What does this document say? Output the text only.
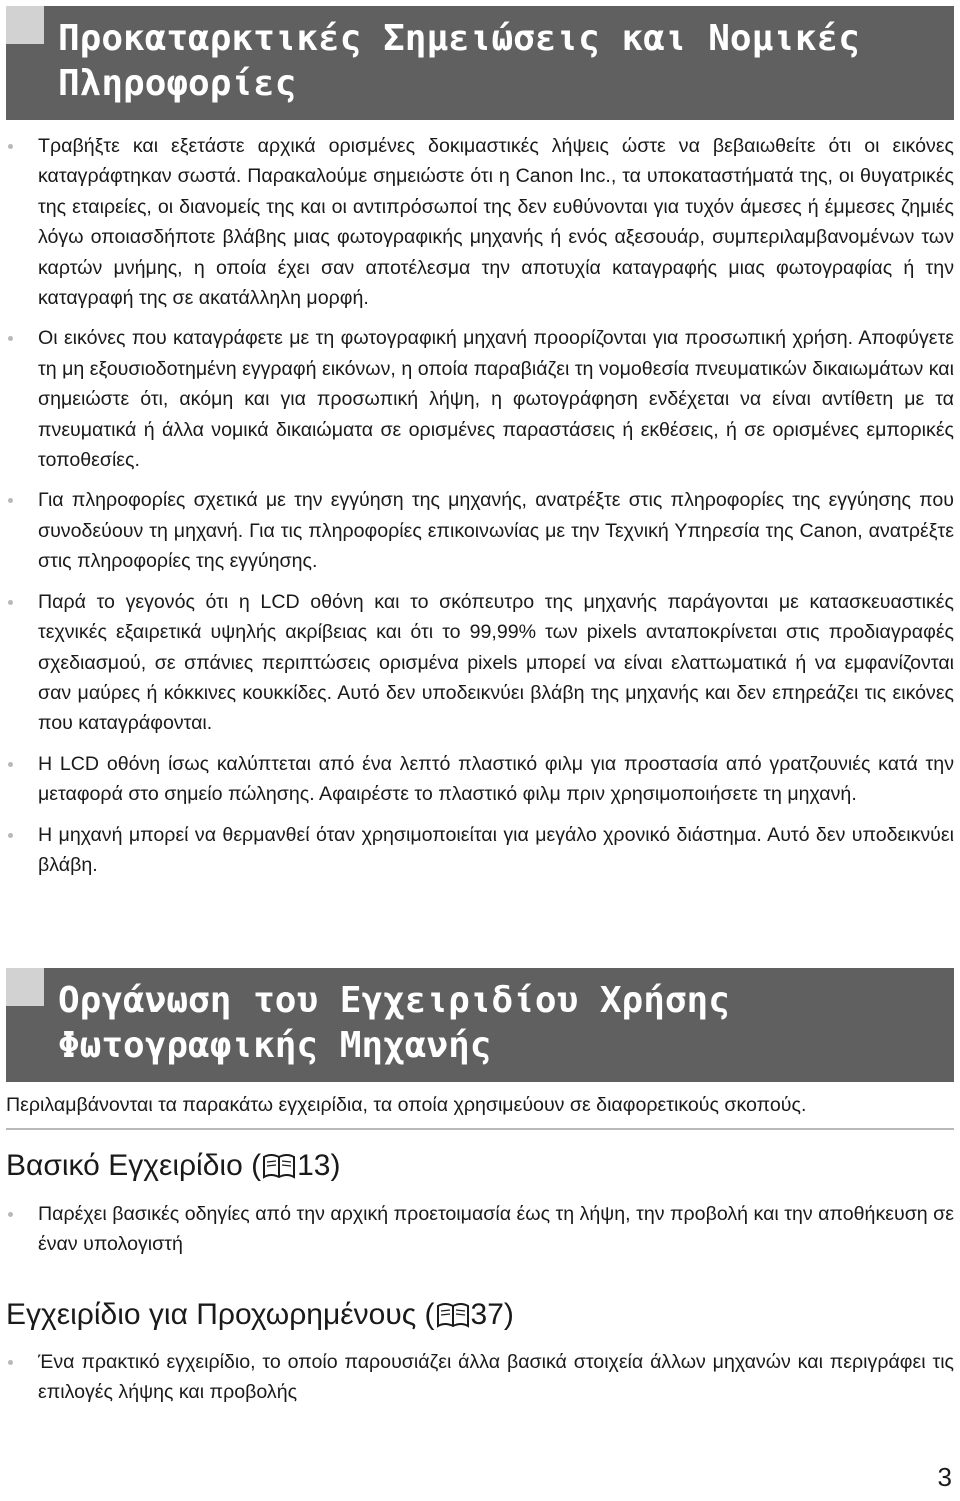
Προκαταρκτικές Σημειώσεις και Νομικές
Πληροφορίες
Τραβήξτε και εξετάστε αρχικά ορισμένες δοκιμαστικές λήψεις ώστε να βεβαιωθείτε ότι οι εικόνες καταγράφτηκαν σωστά. Παρακαλούμε σημειώστε ότι η Canon Inc., τα υποκαταστήματά της, οι θυγατρικές της εταιρείες, οι διανομείς της και οι αντιπρόσωποί της δεν ευθύνονται για τυχόν άμεσες ή έμμεσες ζημιές λόγω οποιασδήποτε βλάβης μιας φωτογραφικής μηχανής ή ενός αξεσουάρ, συμπεριλαμβανομένων των καρτών μνήμης, η οποία έχει σαν αποτέλεσμα την αποτυχία καταγραφής μιας φωτογραφίας ή την καταγραφή της σε ακατάλληλη μορφή.
Οι εικόνες που καταγράφετε με τη φωτογραφική μηχανή προορίζονται για προσωπική χρήση. Αποφύγετε τη μη εξουσιοδοτημένη εγγραφή εικόνων, η οποία παραβιάζει τη νομοθεσία πνευματικών δικαιωμάτων και σημειώστε ότι, ακόμη και για προσωπική λήψη, η φωτογράφηση ενδέχεται να είναι αντίθετη με τα πνευματικά ή άλλα νομικά δικαιώματα σε ορισμένες παραστάσεις ή εκθέσεις, ή σε ορισμένες εμπορικές τοποθεσίες.
Για πληροφορίες σχετικά με την εγγύηση της μηχανής, ανατρέξτε στις πληροφορίες της εγγύησης που συνοδεύουν τη μηχανή. Για τις πληροφορίες επικοινωνίας με την Τεχνική Υπηρεσία της Canon, ανατρέξτε στις πληροφορίες της εγγύησης.
Παρά το γεγονός ότι η LCD οθόνη και το σκόπευτρο της μηχανής παράγονται με κατασκευαστικές τεχνικές εξαιρετικά υψηλής ακρίβειας και ότι το 99,99% των pixels ανταποκρίνεται στις προδιαγραφές σχεδιασμού, σε σπάνιες περιπτώσεις ορισμένα pixels μπορεί να είναι ελαττωματικά ή να εμφανίζονται σαν μαύρες ή κόκκινες κουκκίδες. Αυτό δεν υποδεικνύει βλάβη της μηχανής και δεν επηρεάζει τις εικόνες που καταγράφονται.
Η LCD οθόνη ίσως καλύπτεται από ένα λεπτό πλαστικό φιλμ για προστασία από γρατζουνιές κατά την μεταφορά στο σημείο πώλησης. Αφαιρέστε το πλαστικό φιλμ πριν χρησιμοποιήσετε τη μηχανή.
Η μηχανή μπορεί να θερμανθεί όταν χρησιμοποιείται για μεγάλο χρονικό διάστημα. Αυτό δεν υποδεικνύει βλάβη.
Οργάνωση του Εγχειριδίου Χρήσης
Φωτογραφικής Μηχανής

Περιλαμβάνονται τα παρακάτω εγχειρίδια, τα οποία χρησιμεύουν σε διαφορετικούς σκοπούς.

Βασικό Εγχειρίδιο ( 13)
Παρέχει βασικές οδηγίες από την αρχική προετοιμασία έως τη λήψη, την προβολή και την αποθήκευση σε έναν υπολογιστή
Εγχειρίδιο για Προχωρημένους ( 37)
Ένα πρακτικό εγχειρίδιο, το οποίο παρουσιάζει άλλα βασικά στοιχεία άλλων μηχανών και περιγράφει τις επιλογές λήψης και προβολής
3
